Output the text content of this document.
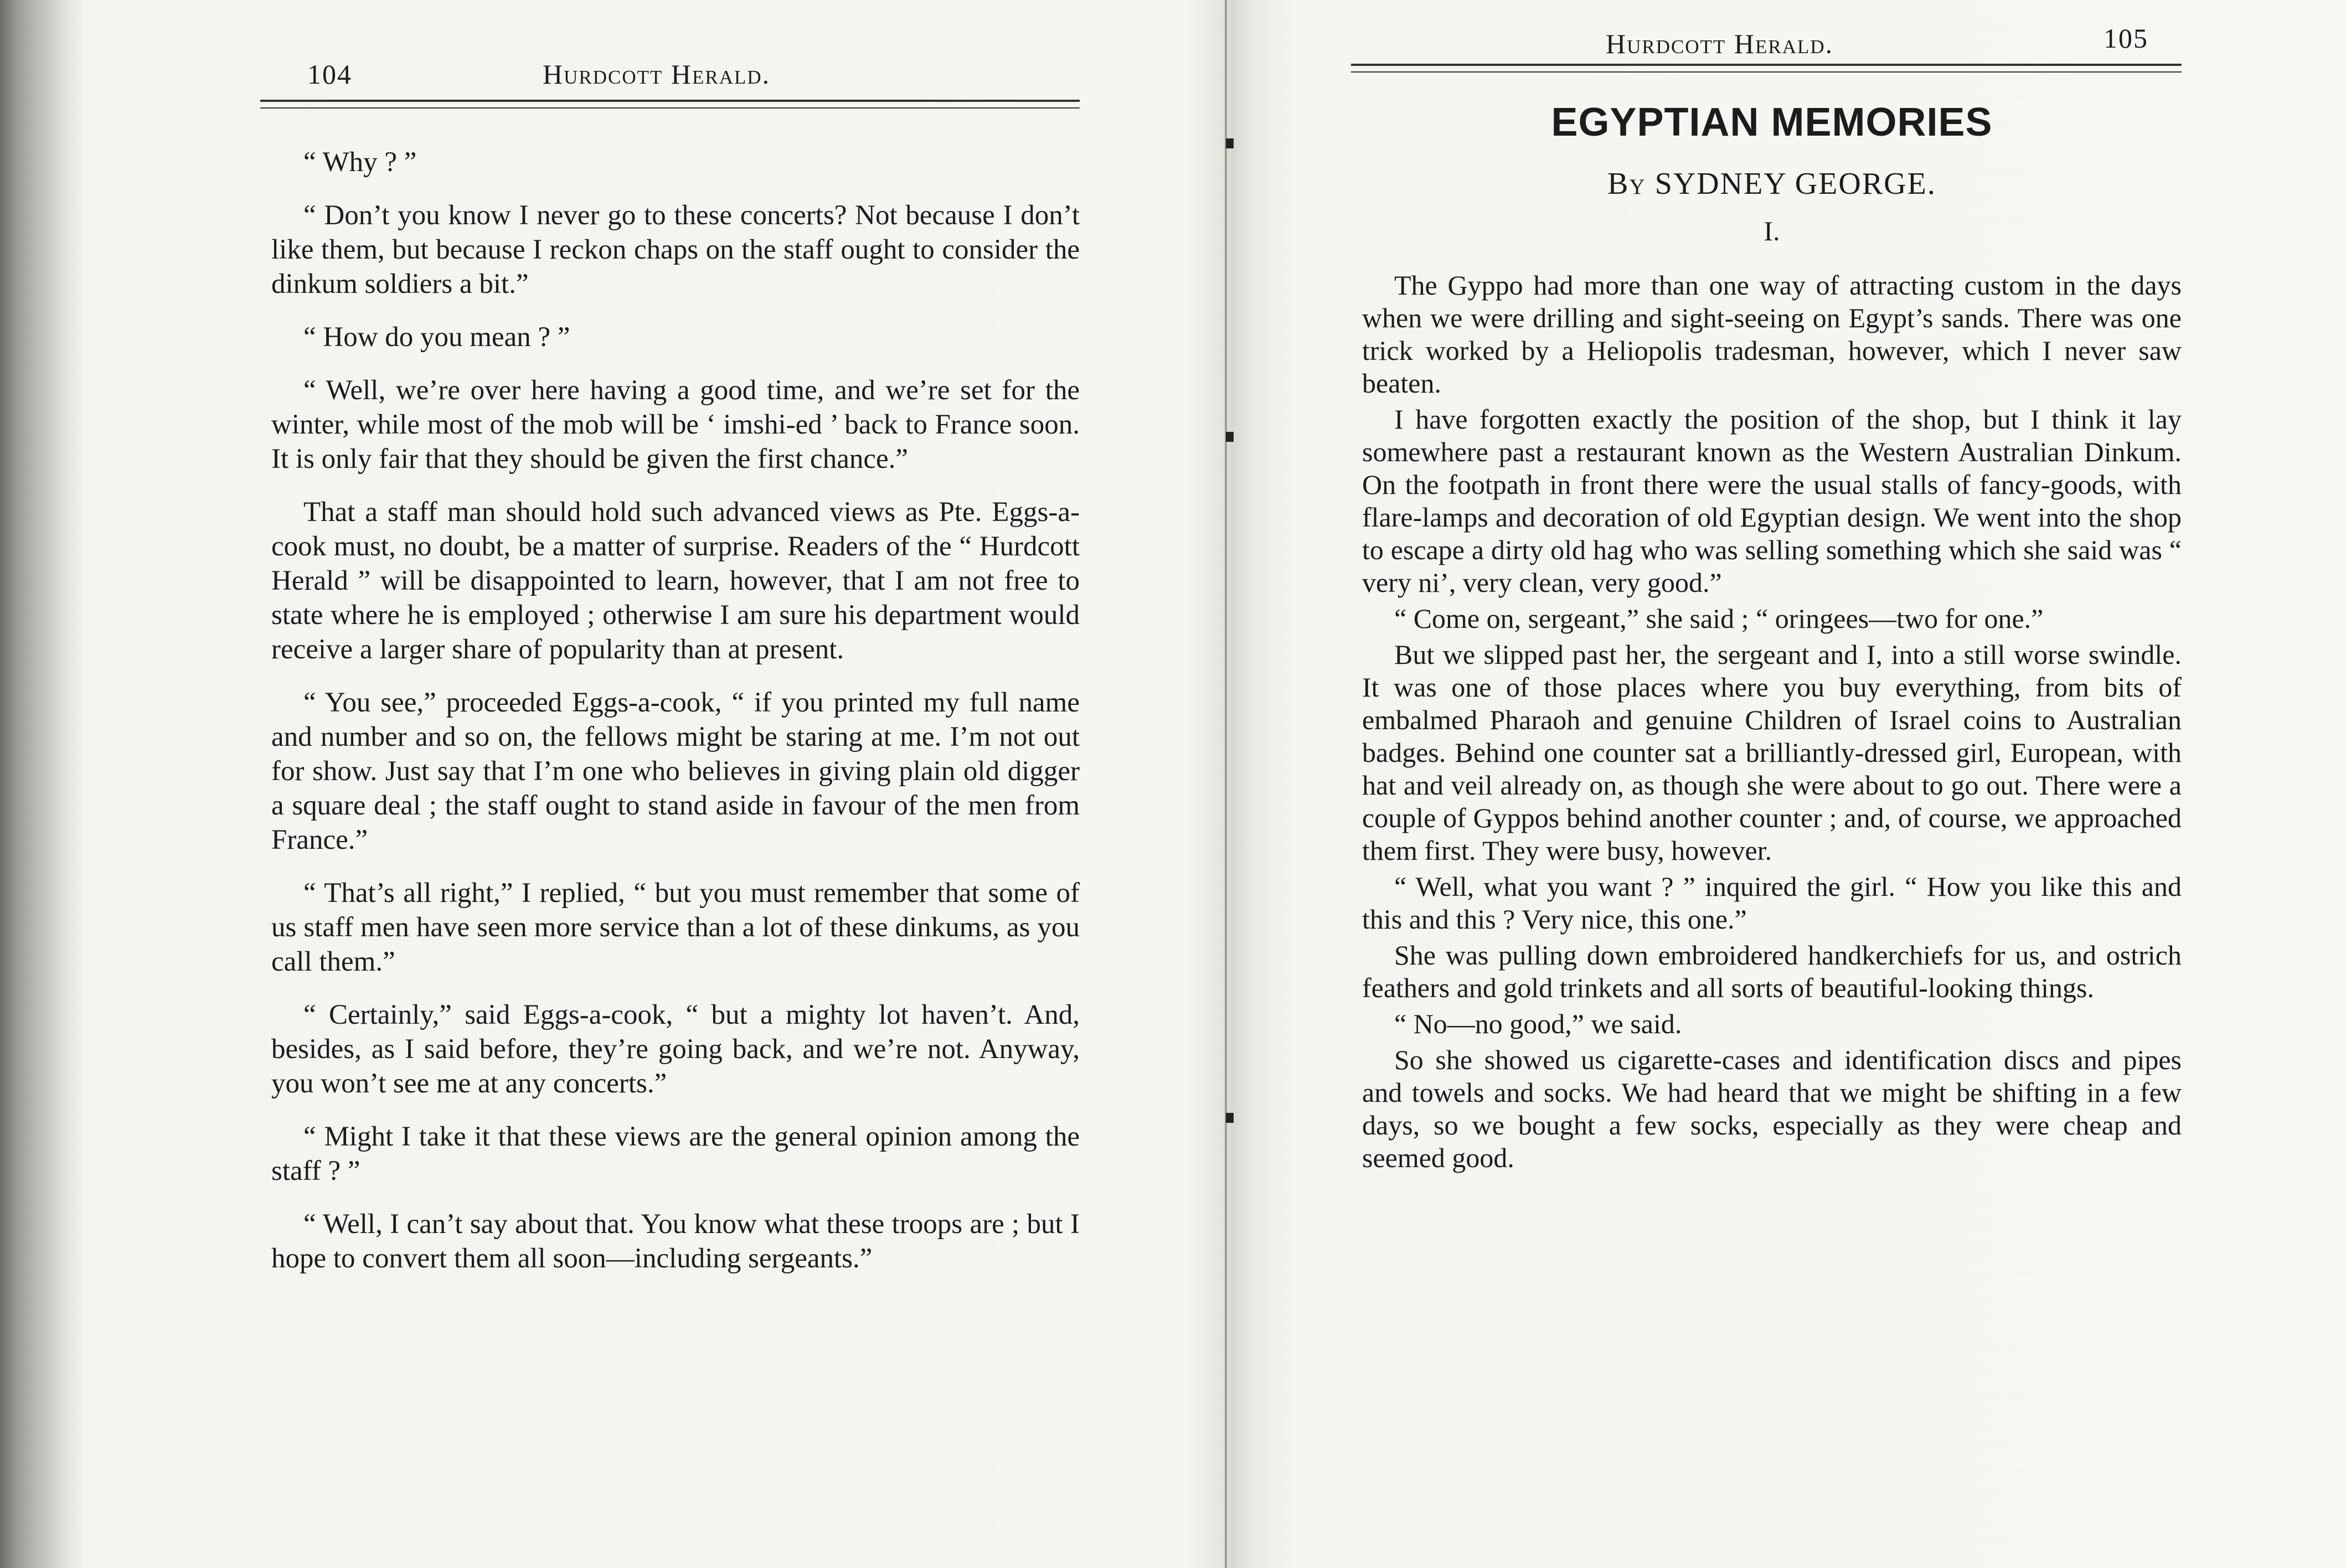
104	Hurdcott Herald.

“ Why ? ”

“ Don’t you know I never go to these concerts? Not because I don’t like them, but because I reckon chaps on the staff ought to consider the dinkum soldiers a bit.”

“ How do you mean ? ”

“ Well, we’re over here having a good time, and we’re set for the winter, while most of the mob will be ‘ imshi-ed ’ back to France soon. It is only fair that they should be given the first chance.”

That a staff man should hold such advanced views as Pte. Eggs-a-cook must, no doubt, be a matter of surprise. Readers of the “ Hurdcott Herald ” will be disappointed to learn, however, that I am not free to state where he is employed ; otherwise I am sure his department would receive a larger share of popularity than at present.

“ You see,” proceeded Eggs-a-cook, “ if you printed my full name and number and so on, the fellows might be staring at me. I’m not out for show. Just say that I’m one who believes in giving plain old digger a square deal ; the staff ought to stand aside in favour of the men from France.”

“ That’s all right,” I replied, “ but you must remember that some of us staff men have seen more service than a lot of these dinkums, as you call them.”

“ Certainly,” said Eggs-a-cook, “ but a mighty lot haven’t. And, besides, as I said before, they’re going back, and we’re not. Anyway, you won’t see me at any concerts.”

“ Might I take it that these views are the general opinion among the staff ? ”

“ Well, I can’t say about that. You know what these troops are ; but I hope to convert them all soon—including sergeants.”

Hurdcott Herald.	105
EGYPTIAN MEMORIES
By SYDNEY GEORGE.
I.

The Gyppo had more than one way of attracting custom in the days when we were drilling and sight-seeing on Egypt’s sands. There was one trick worked by a Heliopolis tradesman, however, which I never saw beaten.

I have forgotten exactly the position of the shop, but I think it lay somewhere past a restaurant known as the Western Australian Dinkum. On the footpath in front there were the usual stalls of fancy-goods, with flare-lamps and decoration of old Egyptian design. We went into the shop to escape a dirty old hag who was selling something which she said was “ very ni’, very clean, very good.”

“ Come on, sergeant,” she said ; “ oringees—two for one.”

But we slipped past her, the sergeant and I, into a still worse swindle. It was one of those places where you buy everything, from bits of embalmed Pharaoh and genuine Children of Israel coins to Australian badges. Behind one counter sat a brilliantly-dressed girl, European, with hat and veil already on, as though she were about to go out. There were a couple of Gyppos behind another counter ; and, of course, we approached them first. They were busy, however.

“ Well, what you want ? ” inquired the girl. “ How you like this and this and this ? Very nice, this one.”

She was pulling down embroidered handkerchiefs for us, and ostrich feathers and gold trinkets and all sorts of beautiful-looking things.

“ No—no good,” we said.

So she showed us cigarette-cases and identification discs and pipes and towels and socks. We had heard that we might be shifting in a few days, so we bought a few socks, especially as they were cheap and seemed good.
